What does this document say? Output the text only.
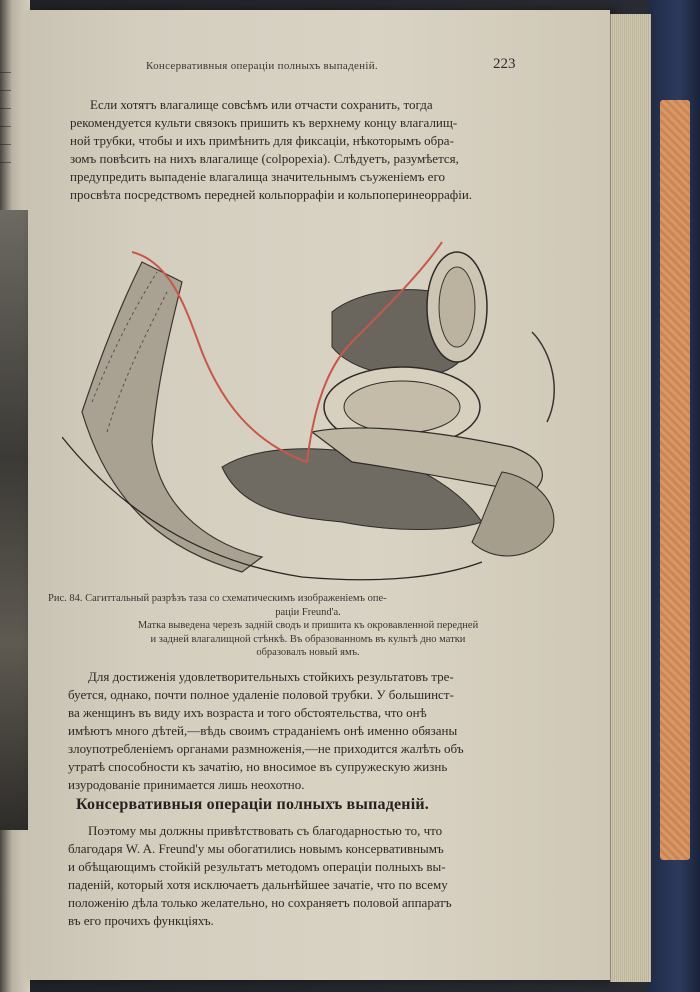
—
—
—
—
—
—
Консервативныя операціи полныхъ выпаденій.	223

Если хотятъ влагалище совсѣмъ или отчасти сохранить, тогда

рекомендуется культи связокъ пришить къ верхнему концу влагалищ-

ной трубки, чтобы и ихъ примѣнить для фиксаціи, нѣкоторымъ обра-

зомъ повѣсить на нихъ влагалище (colpopexia). Слѣдуетъ, разумѣется,

предупредить выпаденіе влагалища значительнымъ съуженіемъ его

просвѣта посредствомъ передней кольпоррафіи и кольпоперинеоррафіи.

Рис. 84. Сагиттальный разрѣзъ таза со схематическимъ изображеніемъ опе-
раціи Freund'a.
Матка выведена черезъ задній сводъ и пришита къ окровавленной передней
и задней влагалищной стѣнкѣ. Въ образованномъ въ культѣ дно матки
образовалъ новый ямъ.

Для достиженія удовлетворительныхъ стойкихъ результатовъ тре-

буется, однако, почти полное удаленіе половой трубки. У большинст-

ва женщинъ въ виду ихъ возраста и того обстоятельства, что онѣ

имѣютъ много дѣтей,—вѣдь своимъ страданіемъ онѣ именно обязаны

злоупотребленіемъ органами размноженія,—не приходится жалѣть объ

утратѣ способности къ зачатію, но вносимое въ супружескую жизнь

изуродованіе принимается лишь неохотно.

Консервативныя операціи полныхъ выпаденій.

Поэтому мы должны привѣтствовать съ благодарностью то, что

благодаря W. A. Freund'y мы обогатились новымъ консервативнымъ

и обѣщающимъ стойкій результатъ методомъ операціи полныхъ вы-

паденій, который хотя исключаетъ дальнѣйшее зачатіе, что по всему

положенію дѣла только желательно, но сохраняетъ половой аппаратъ

въ его прочихъ функціяхъ.
